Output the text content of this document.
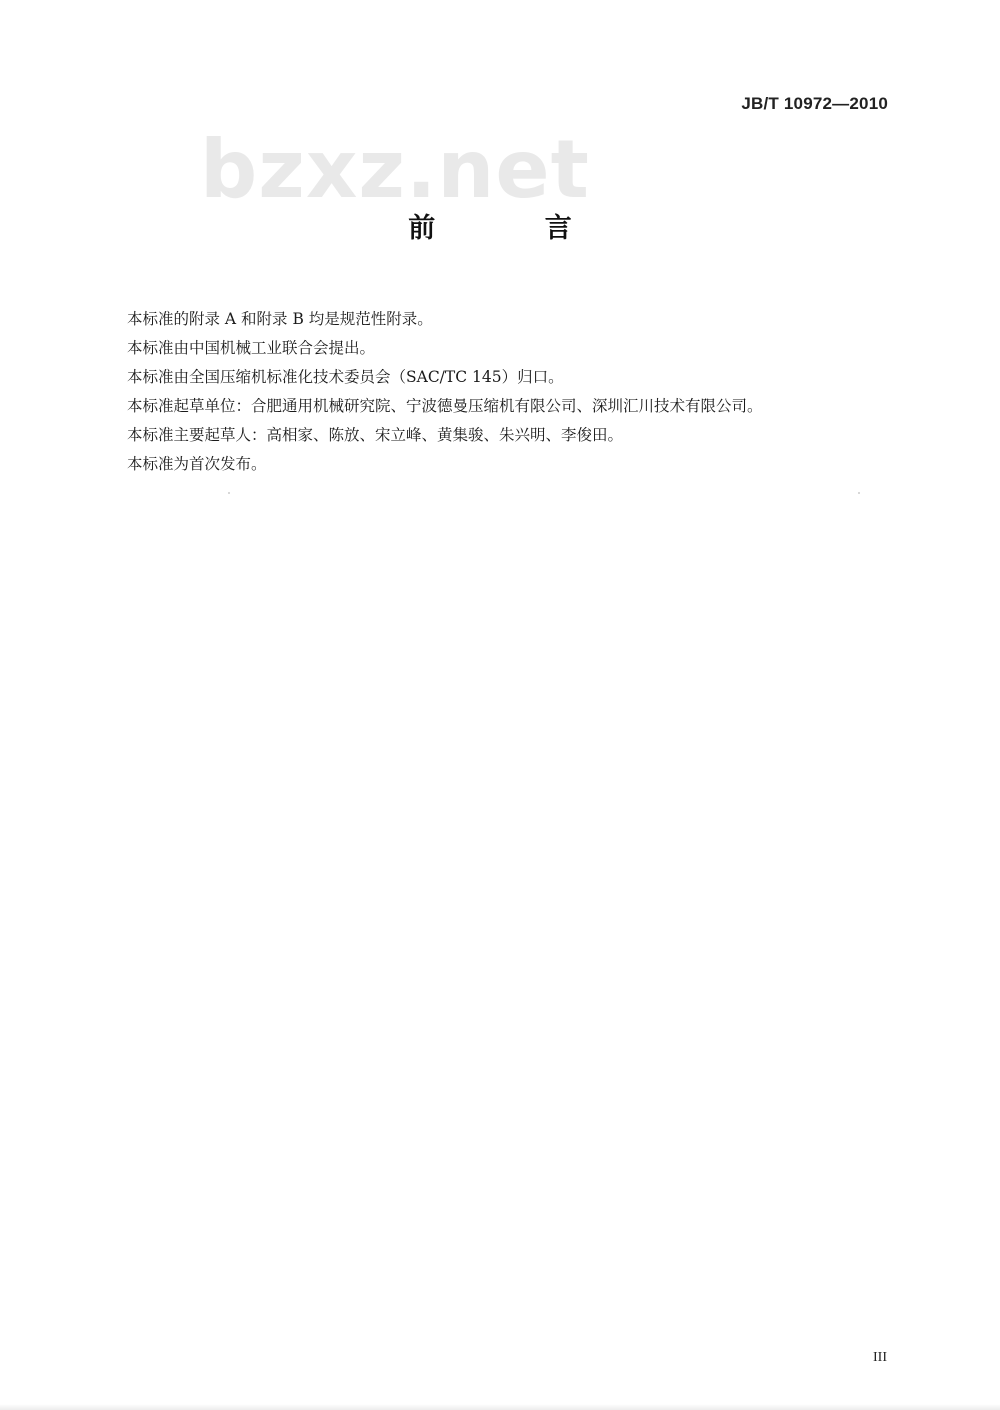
JB/T 10972—2010
bzxz.net
前 言

本标准的附录 A 和附录 B 均是规范性附录。

本标准由中国机械工业联合会提出。

本标准由全国压缩机标准化技术委员会（SAC/TC 145）归口。

本标准起草单位：合肥通用机械研究院、宁波德曼压缩机有限公司、深圳汇川技术有限公司。

本标准主要起草人：高相家、陈放、宋立峰、黄集骏、朱兴明、李俊田。

本标准为首次发布。

III
